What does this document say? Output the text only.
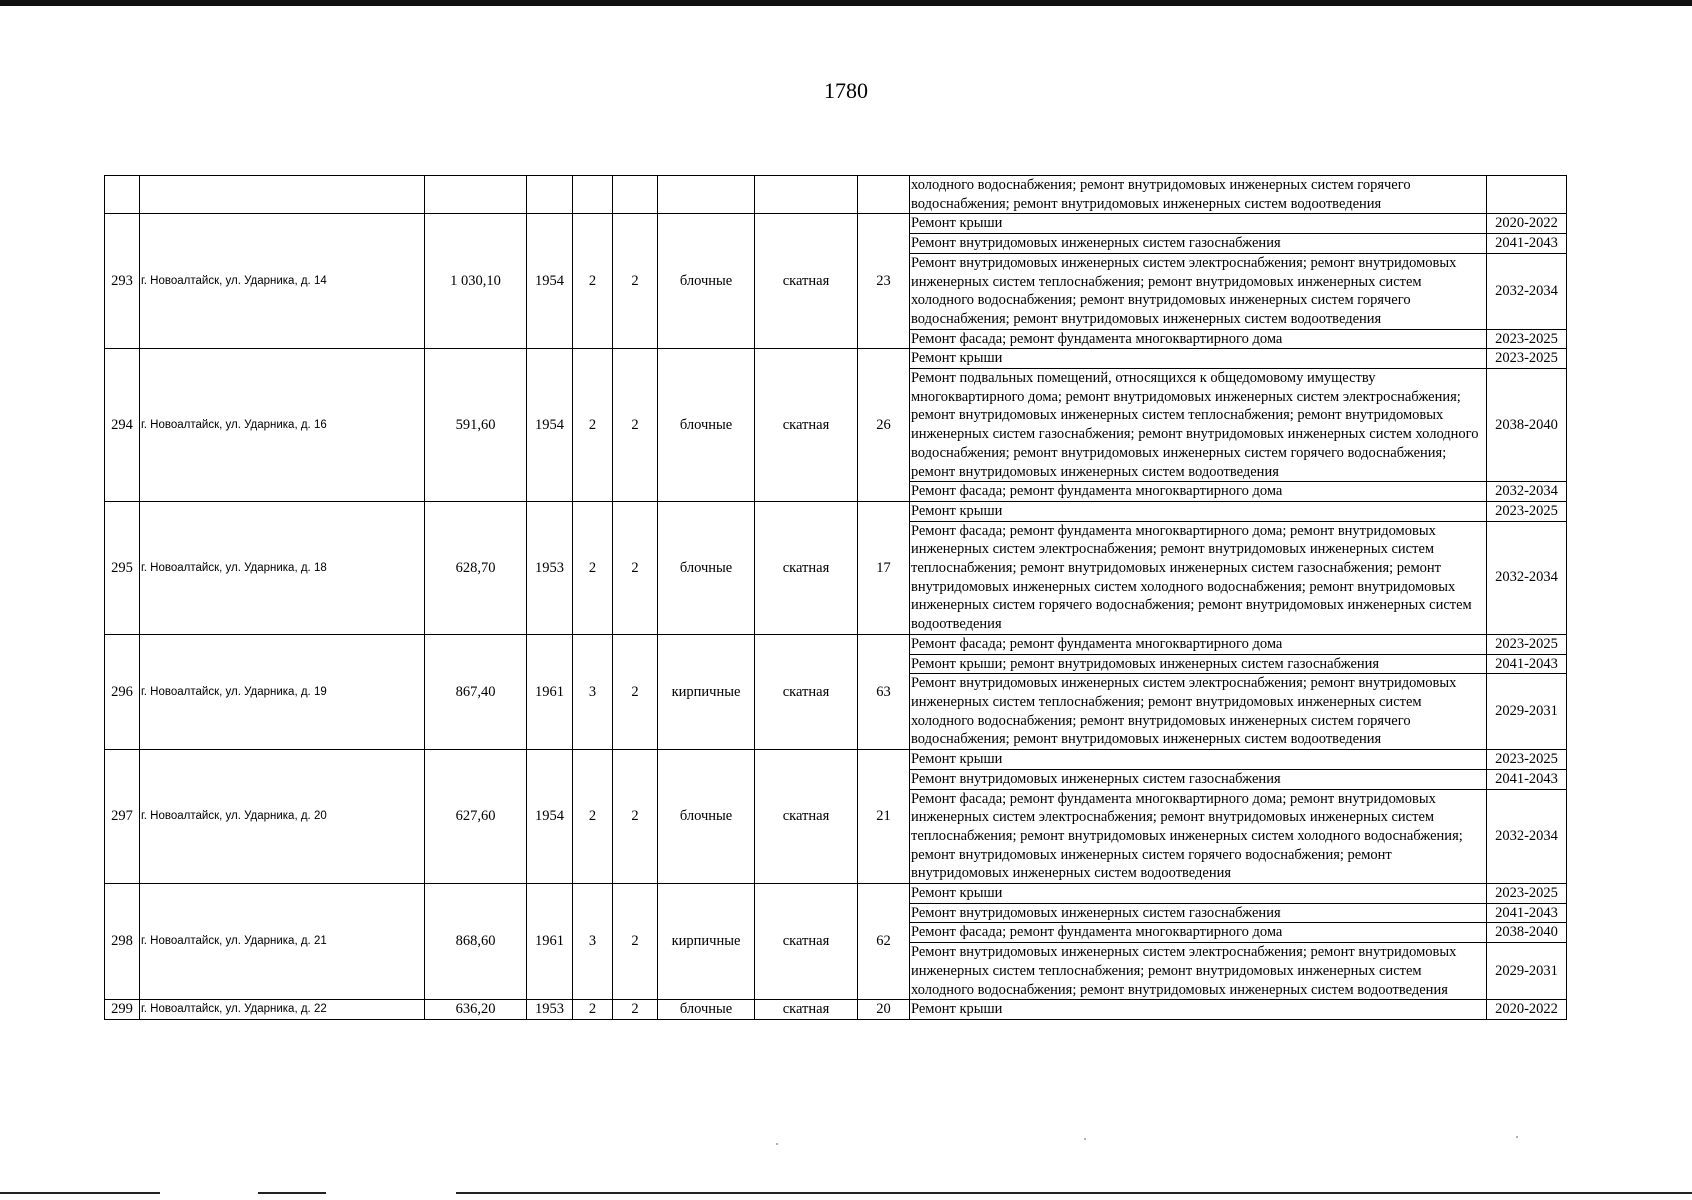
1780
									холодного водоснабжения; ремонт внутридомовых инженерных систем горячего водоснабжения; ремонт внутридомовых инженерных систем водоотведения	
293	г. Новоалтайск, ул. Ударника, д. 14	1 030,10	1954	2	2	блочные	скатная	23	Ремонт крыши	2020-2022
									Ремонт внутридомовых инженерных систем газоснабжения	2041-2043
									Ремонт внутридомовых инженерных систем электроснабжения; ремонт внутридомовых инженерных систем теплоснабжения; ремонт внутридомовых инженерных систем холодного водоснабжения; ремонт внутридомовых инженерных систем горячего водоснабжения; ремонт внутридомовых инженерных систем водоотведения	2032-2034
									Ремонт фасада; ремонт фундамента многоквартирного дома	2023-2025
294	г. Новоалтайск, ул. Ударника, д. 16	591,60	1954	2	2	блочные	скатная	26	Ремонт крыши	2023-2025
									Ремонт подвальных помещений, относящихся к общедомовому имуществу многоквартирного дома; ремонт внутридомовых инженерных систем электроснабжения; ремонт внутридомовых инженерных систем теплоснабжения; ремонт внутридомовых инженерных систем газоснабжения; ремонт внутридомовых инженерных систем холодного водоснабжения; ремонт внутридомовых инженерных систем горячего водоснабжения; ремонт внутридомовых инженерных систем водоотведения	2038-2040
									Ремонт фасада; ремонт фундамента многоквартирного дома	2032-2034
295	г. Новоалтайск, ул. Ударника, д. 18	628,70	1953	2	2	блочные	скатная	17	Ремонт крыши	2023-2025
									Ремонт фасада; ремонт фундамента многоквартирного дома; ремонт внутридомовых инженерных систем электроснабжения; ремонт внутридомовых инженерных систем теплоснабжения; ремонт внутридомовых инженерных систем газоснабжения; ремонт внутридомовых инженерных систем холодного водоснабжения; ремонт внутридомовых инженерных систем горячего водоснабжения; ремонт внутридомовых инженерных систем водоотведения	2032-2034
296	г. Новоалтайск, ул. Ударника, д. 19	867,40	1961	3	2	кирпичные	скатная	63	Ремонт фасада; ремонт фундамента многоквартирного дома	2023-2025
									Ремонт крыши; ремонт внутридомовых инженерных систем газоснабжения	2041-2043
									Ремонт внутридомовых инженерных систем электроснабжения; ремонт внутридомовых инженерных систем теплоснабжения; ремонт внутридомовых инженерных систем холодного водоснабжения; ремонт внутридомовых инженерных систем горячего водоснабжения; ремонт внутридомовых инженерных систем водоотведения	2029-2031
297	г. Новоалтайск, ул. Ударника, д. 20	627,60	1954	2	2	блочные	скатная	21	Ремонт крыши	2023-2025
									Ремонт внутридомовых инженерных систем газоснабжения	2041-2043
									Ремонт фасада; ремонт фундамента многоквартирного дома; ремонт внутридомовых инженерных систем электроснабжения; ремонт внутридомовых инженерных систем теплоснабжения; ремонт внутридомовых инженерных систем холодного водоснабжения; ремонт внутридомовых инженерных систем горячего водоснабжения; ремонт внутридомовых инженерных систем водоотведения	2032-2034
298	г. Новоалтайск, ул. Ударника, д. 21	868,60	1961	3	2	кирпичные	скатная	62	Ремонт крыши	2023-2025
									Ремонт внутридомовых инженерных систем газоснабжения	2041-2043
									Ремонт фасада; ремонт фундамента многоквартирного дома	2038-2040
									Ремонт внутридомовых инженерных систем электроснабжения; ремонт внутридомовых инженерных систем теплоснабжения; ремонт внутридомовых инженерных систем холодного водоснабжения; ремонт внутридомовых инженерных систем водоотведения	2029-2031
299	г. Новоалтайск, ул. Ударника, д. 22	636,20	1953	2	2	блочные	скатная	20	Ремонт крыши	2020-2022
